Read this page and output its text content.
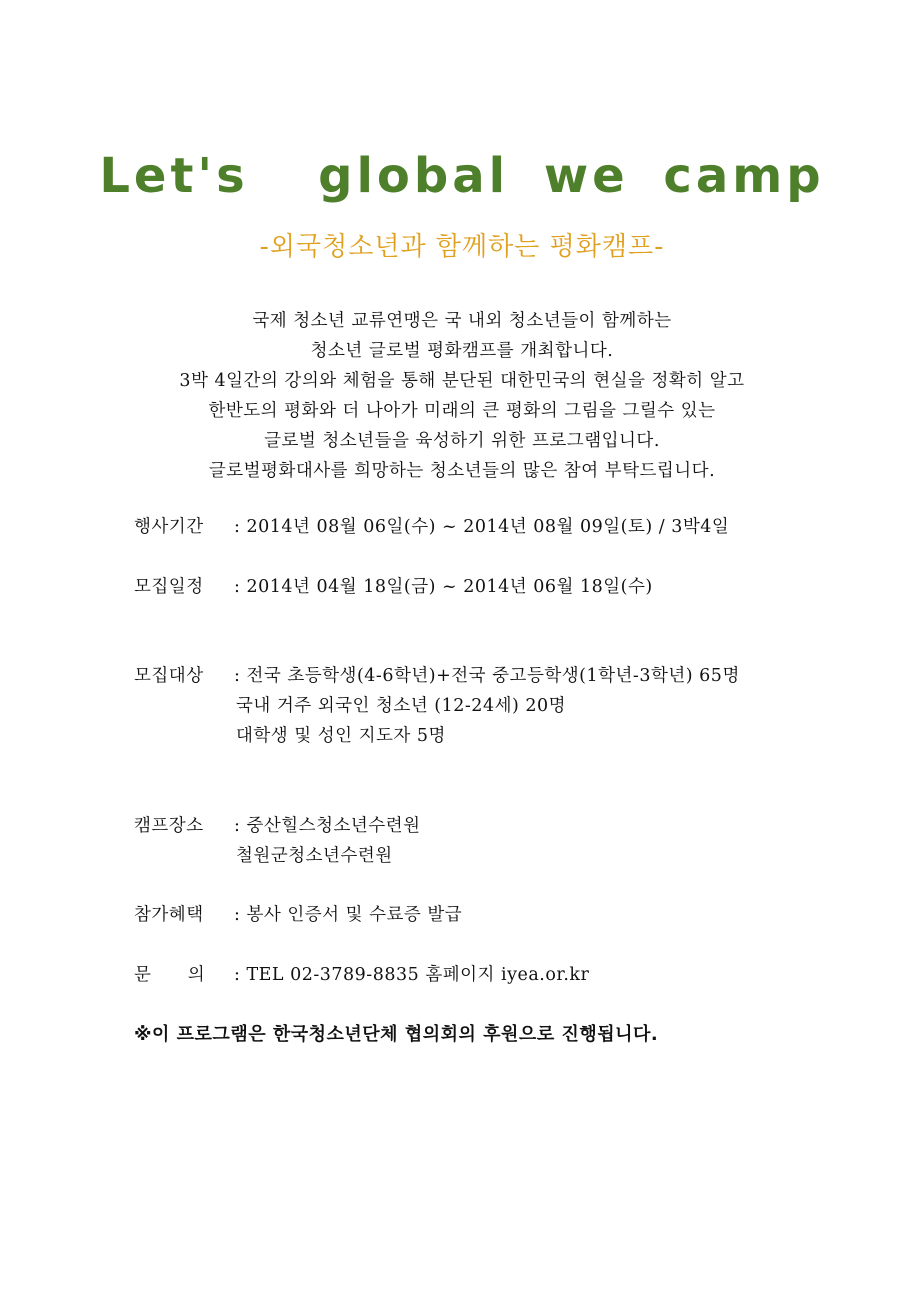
Let's  global we camp
-외국청소년과 함께하는 평화캠프-
국제 청소년 교류연맹은 국 내외 청소년들이 함께하는
청소년 글로벌 평화캠프를 개최합니다.
3박 4일간의 강의와 체험을 통해 분단된 대한민국의 현실을 정확히 알고
한반도의 평화와 더 나아가 미래의 큰 평화의 그림을 그릴수 있는
글로벌 청소년들을 육성하기 위한 프로그램입니다.
글로벌평화대사를 희망하는 청소년들의 많은 참여 부탁드립니다.
행사기간 : 2014년 08월 06일(수) ~ 2014년 08월 09일(토) / 3박4일
모집일정 : 2014년 04월 18일(금) ~ 2014년 06월 18일(수)
모집대상 : 전국 초등학생(4-6학년)+전국 중고등학생(1학년-3학년) 65명
국내 거주 외국인 청소년 (12-24세) 20명
대학생 및 성인 지도자 5명
캠프장소 : 중산힐스청소년수련원
철원군청소년수련원
참가혜택 : 봉사 인증서 및 수료증 발급
문      의 : TEL 02-3789-8835 홈페이지 iyea.or.kr
※이 프로그램은 한국청소년단체 협의회의 후원으로 진행됩니다.
